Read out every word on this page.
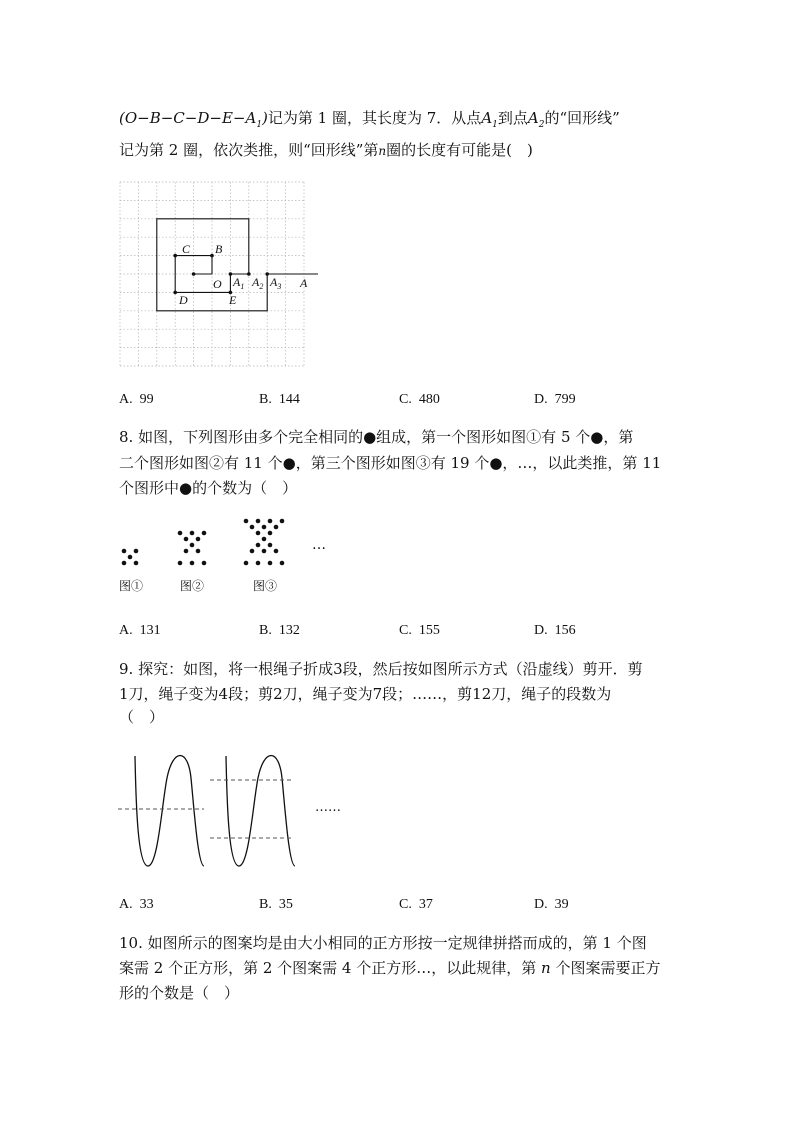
$(O-B-C-D-E-A_1)$记为第 1 圈，其长度为 7．从点$A_1$到点$A_2$的“回形线”
记为第 2 圈，依次类推，则“回形线”第n圈的长度有可能是(　)
C B
O
D	E
$A_1$ $A_2$ $A_3$ A
A. 99	B. 144	C. 480	D. 799
8. 如图，下列图形由多个完全相同的●组成，第一个图形如图①有 5 个●，第
二个图形如图②有 11 个●，第三个图形如图③有 19 个●，…，以此类推，第 11
个图形中●的个数为（　）
…
图①	图②	图③
A. 131	B. 132	C. 155	D. 156
9. 探究：如图，将一根绳子折成3段，然后按如图所示方式（沿虚线）剪开．剪
1刀，绳子变为4段；剪2刀，绳子变为7段；……，剪12刀，绳子的段数为
（　）
……
A. 33	B. 35	C. 37	D. 39
10. 如图所示的图案均是由大小相同的正方形按一定规律拼搭而成的，第 1 个图
案需 2 个正方形，第 2 个图案需 4 个正方形…，以此规律，第 n 个图案需要正方
形的个数是（　）
